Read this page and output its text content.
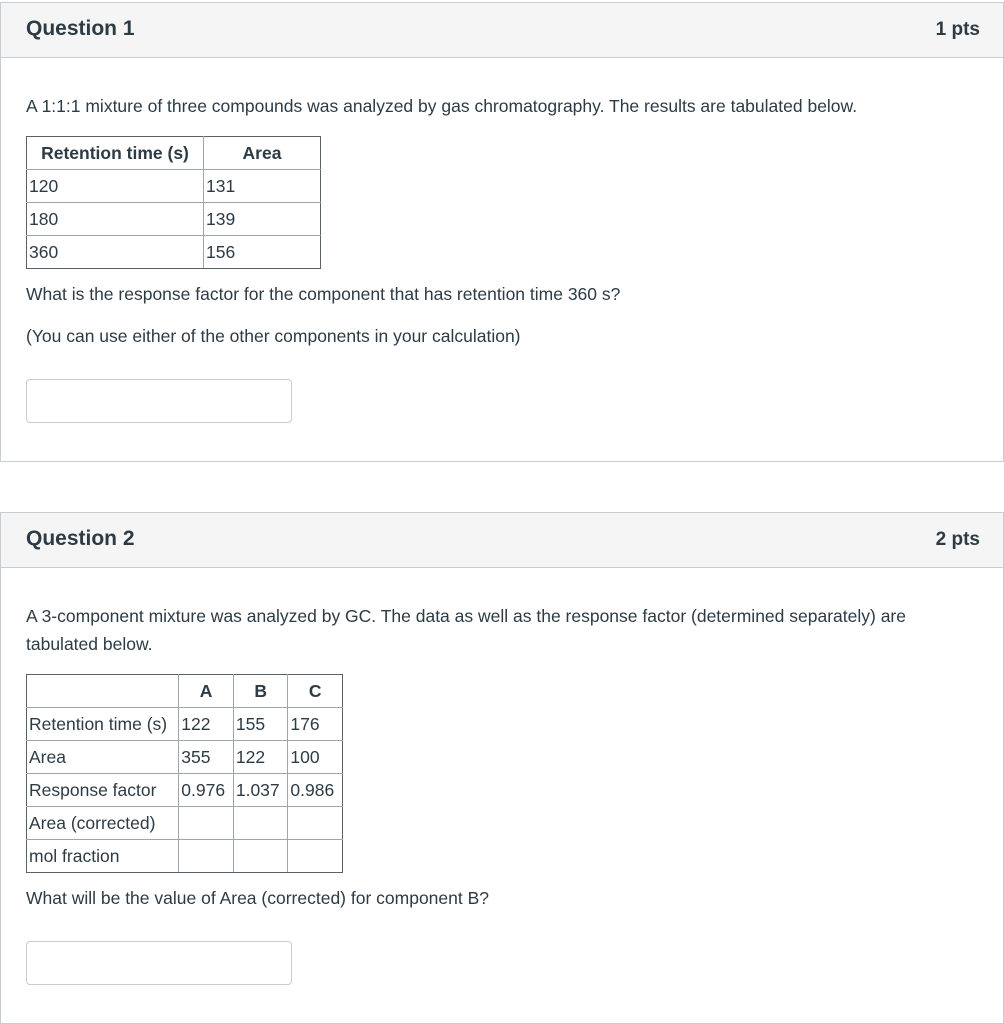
Question 1	1 pts
A 1:1:1 mixture of three compounds was analyzed by gas chromatography. The results are tabulated below.
Retention time (s)	Area
120	131
180	139
360	156
What is the response factor for the component that has retention time 360 s?
(You can use either of the other components in your calculation)
Question 2	2 pts
A 3-component mixture was analyzed by GC. The data as well as the response factor (determined separately) are tabulated below.
	A	B	C
Retention time (s)	122	155	176
Area	355	122	100
Response factor	0.976	1.037	0.986
Area (corrected)			
mol fraction			
What will be the value of Area (corrected) for component B?
